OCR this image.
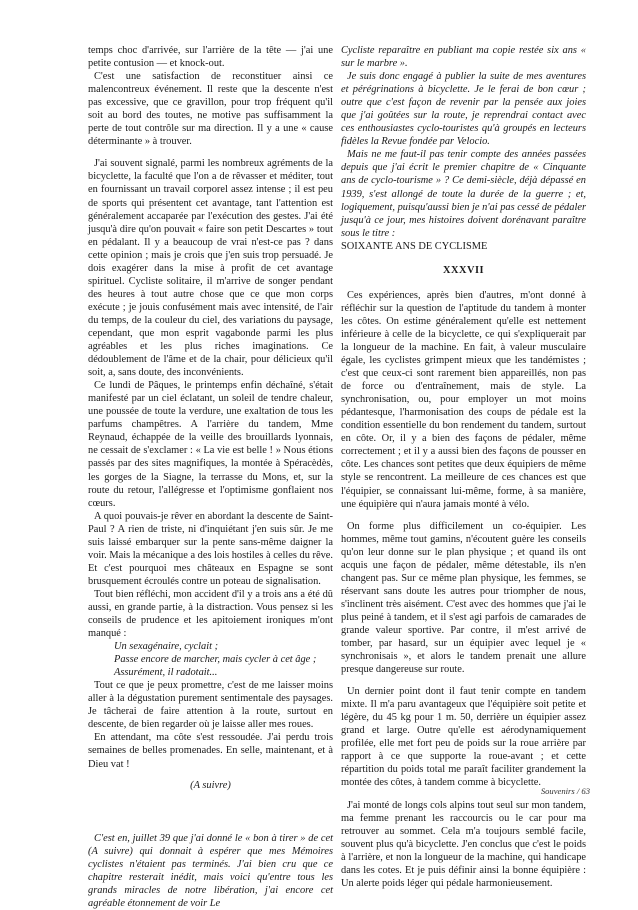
temps choc d'arrivée, sur l'arrière de la tête — j'ai une petite contusion — et knock-out.

C'est une satisfaction de reconstituer ainsi ce malencontreux événement. Il reste que la descente n'est pas excessive, que ce gravillon, pour trop fréquent qu'il soit au bord des toutes, ne motive pas suffisamment la perte de tout contrôle sur ma direction. Il y a une « cause déterminante » à trouver.

J'ai souvent signalé, parmi les nombreux agréments de la bicyclette, la faculté que l'on a de rêvasser et méditer, tout en fournissant un travail corporel assez intense ; il est peu de sports qui présentent cet avantage, tant l'attention est généralement accaparée par l'exécution des gestes. J'ai été jusqu'à dire qu'on pouvait « faire son petit Descartes » tout en pédalant. Il y a beaucoup de vrai n'est-ce pas ? dans cette opinion ; mais je crois que j'en suis trop persuadé. Je dois exagérer dans la mise à profit de cet avantage spirituel. Cycliste solitaire, il m'arrive de songer pendant des heures à tout autre chose que ce que mon corps exécute ; je jouis confusément mais avec intensité, de l'air du temps, de la couleur du ciel, des variations du paysage, cependant, que mon esprit vagabonde parmi les plus agréables et les plus riches imaginations. Ce dédoublement de l'âme et de la chair, pour délicieux qu'il soit, a, sans doute, des inconvénients.

Ce lundi de Pâques, le printemps enfin déchaîné, s'était manifesté par un ciel éclatant, un soleil de tendre chaleur, une poussée de toute la verdure, une exaltation de tous les parfums champêtres. A l'arrière du tandem, Mme Reynaud, échappée de la veille des brouillards lyonnais, ne cessait de s'exclamer : « La vie est belle ! » Nous étions passés par des sites magnifiques, la montée à Spéracèdès, les gorges de la Siagne, la terrasse du Mons, et, sur la route du retour, l'allégresse et l'optimisme gonflaient nos cœurs.

A quoi pouvais-je rêver en abordant la descente de Saint-Paul ? A rien de triste, ni d'inquiétant j'en suis sûr. Je me suis laissé embarquer sur la pente sans-même daigner la voir. Mais la mécanique a des lois hostiles à celles du rêve. Et c'est pourquoi mes châteaux en Espagne se sont brusquement écroulés contre un poteau de signalisation.

Tout bien réfléchi, mon accident d'il y a trois ans a été dû aussi, en grande partie, à la distraction. Vous pensez si les conseils de prudence et les apitoiement ironiques m'ont manqué :

Un sexagénaire, cyclait ;

Passe encore de marcher, mais cycler à cet âge ;

Assurément, il radotait...

Tout ce que je peux promettre, c'est de me laisser moins aller à la dégustation purement sentimentale des paysages. Je tâcherai de faire attention à la route, surtout en descente, de bien regarder où je laisse aller mes roues.

En attendant, ma côte s'est ressoudée. J'ai perdu trois semaines de belles promenades. En selle, maintenant, et à Dieu vat !

(A suivre)

C'est en, juillet 39 que j'ai donné le « bon à tirer » de cet (A suivre) qui donnait à espérer que mes Mémoires cyclistes n'étaient pas terminés. J'ai bien cru que ce chapitre resterait inédit, mais voici qu'entre tous les grands miracles de notre libération, j'ai encore cet agréable étonnement de voir Le

Cycliste reparaître en publiant ma copie restée six ans « sur le marbre ».

Je suis donc engagé à publier la suite de mes aventures et pérégrinations à bicyclette. Je le ferai de bon cœur ; outre que c'est façon de revenir par la pensée aux joies que j'ai goûtées sur la route, je reprendrai contact avec ces enthousiastes cyclo-touristes qu'à groupés en lecteurs fidèles la Revue fondée par Velocio.

Mais ne me faut-il pas tenir compte des années passées depuis que j'ai écrit le premier chapitre de « Cinquante ans de cyclo-tourisme » ? Ce demi-siècle, déjà dépassé en 1939, s'est allongé de toute la durée de la guerre ; et, logiquement, puisqu'aussi bien je n'ai pas cessé de pédaler jusqu'à ce jour, mes histoires doivent dorénavant paraître sous le titre :

SOIXANTE ANS DE CYCLISME

XXXVII

Ces expériences, après bien d'autres, m'ont donné à réfléchir sur la question de l'aptitude du tandem à monter les côtes. On estime généralement qu'elle est nettement inférieure à celle de la bicyclette, ce qui s'expliquerait par la longueur de la machine. En fait, à valeur musculaire égale, les cyclistes grimpent mieux que les tandémistes ; c'est que ceux-ci sont rarement bien appareillés, non pas de force ou d'entraînement, mais de style. La synchronisation, ou, pour employer un mot moins pédantesque, l'harmonisation des coups de pédale est la condition essentielle du bon rendement du tandem, surtout en côte. Or, il y a bien des façons de pédaler, même correctement ; et il y a aussi bien des façons de pousser en côte. Les chances sont petites que deux équipiers de même style se rencontrent. La meilleure de ces chances est que l'équipier, se connaissant lui-même, forme, à sa manière, une équipière qui n'aura jamais monté à vélo.

On forme plus difficilement un co-équipier. Les hommes, même tout gamins, n'écoutent guère les conseils qu'on leur donne sur le plan physique ; et quand ils ont acquis une façon de pédaler, même détestable, ils n'en changent pas. Sur ce même plan physique, les femmes, se réservant sans doute les autres pour triompher de nous, s'inclinent très aisément. C'est avec des hommes que j'ai le plus peiné à tandem, et il s'est agi parfois de camarades de grande valeur sportive. Par contre, il m'est arrivé de tomber, par hasard, sur un équipier avec lequel je « synchronisais », et alors le tandem prenait une allure presque dangereuse sur route.

Un dernier point dont il faut tenir compte en tandem mixte. Il m'a paru avantageux que l'équipière soit petite et légère, du 45 kg pour 1 m. 50, derrière un équipier assez grand et large. Outre qu'elle est aérodynamiquement profilée, elle met fort peu de poids sur la roue arrière par rapport à ce que supporte la roue-avant ; et cette répartition du poids total me paraît faciliter grandement la montée des côtes, à tandem comme à bicyclette.

J'ai monté de longs cols alpins tout seul sur mon tandem, ma femme prenant les raccourcis ou le car pour ma retrouver au sommet. Cela m'a toujours semblé facile, souvent plus qu'à bicyclette. J'en conclus que c'est le poids à l'arrière, et non la longueur de la machine, qui handicape dans les cotes. Et je puis définir ainsi la bonne équipière : Un alerte poids léger qui pédale harmonieusement.

Souvenirs / 63
